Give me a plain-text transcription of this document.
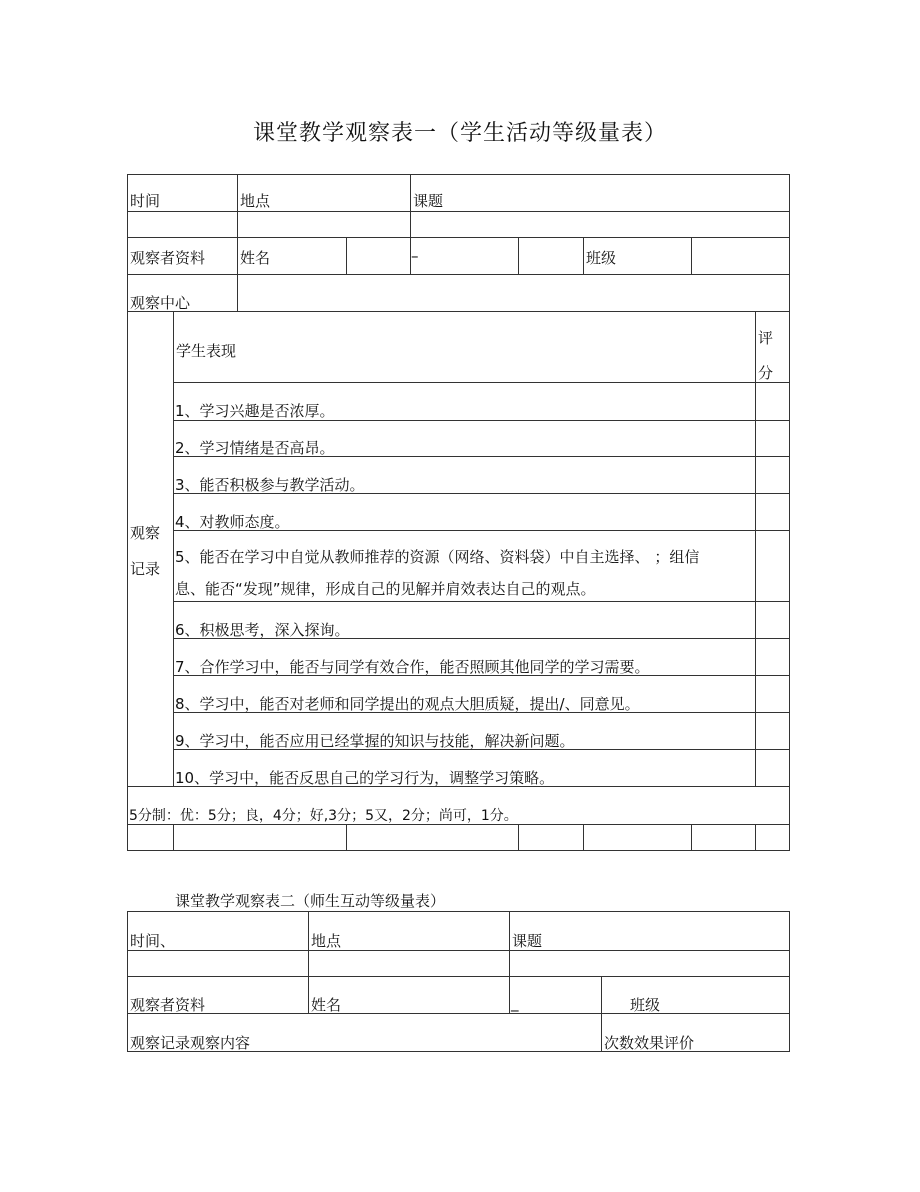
课堂教学观察表一（学生活动等级量表）
时间	地点	课题
观察者资料 姓名	–	班级
观察中心
观察
记录
学生表现
评
分
1、学习兴趣是否浓厚。
2、学习情绪是否高昂。
3、能否积极参与教学活动。
4、对教师态度。
5、能否在学习中自觉从教师推荐的资源（网络、资料袋）中自主选择、 ；组信
息、能否“发现”规律，形成自己的见解并肩效表达自己的观点。
6、积极思考，深入探询。
7、合作学习中，能否与同学有效合作，能否照顾其他同学的学习需要。
8、学习中，能否对老师和同学提出的观点大胆质疑，提出/、同意见。
9、学习中，能否应用已经掌握的知识与技能，解决新问题。
10、学习中，能否反思自己的学习行为，调整学习策略。
5分制：优：5分；良，4分；好,3分；5又，2分；尚可，1分。
课堂教学观察表二（师生互动等级量表）
时间、	地点	课题
观察者资料	姓名	_	班级
观察记录观察内容	次数效果评价
